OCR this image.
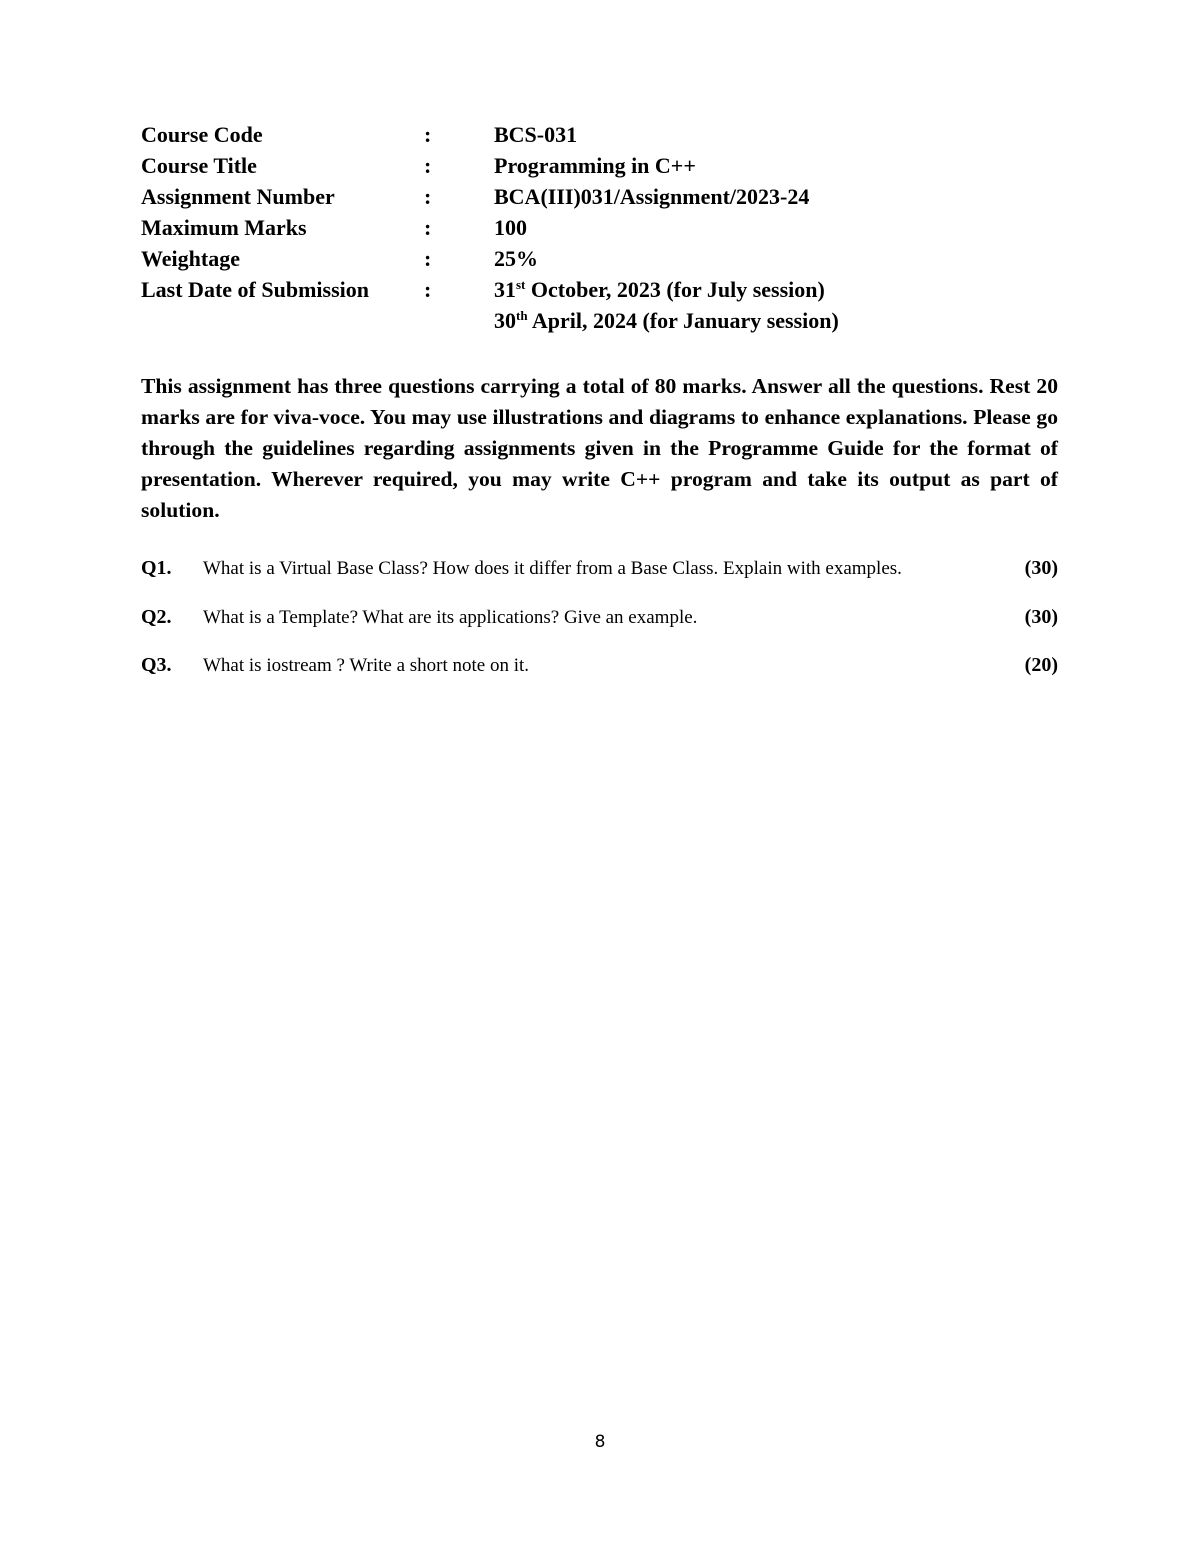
Course Code	:	BCS-031
Course Title	:	Programming in C++
Assignment Number	:	BCA(III)031/Assignment/2023-24
Maximum Marks	:	100
Weightage	:	25%
Last Date of Submission	:	31st October, 2023 (for July session)
30th April, 2024 (for January session)
This assignment has three questions carrying a total of 80 marks. Answer all the questions. Rest 20 marks are for viva-voce. You may use illustrations and diagrams to enhance explanations. Please go through the guidelines regarding assignments given in the Programme Guide for the format of presentation. Wherever required, you may write C++ program and take its output as part of solution.
Q1.	What is a Virtual Base Class? How does it differ from a Base Class. Explain with examples.	(30)
Q2.	What is a Template? What are its applications? Give an example.	(30)
Q3.	What is iostream ? Write a short note on it.	(20)
8
